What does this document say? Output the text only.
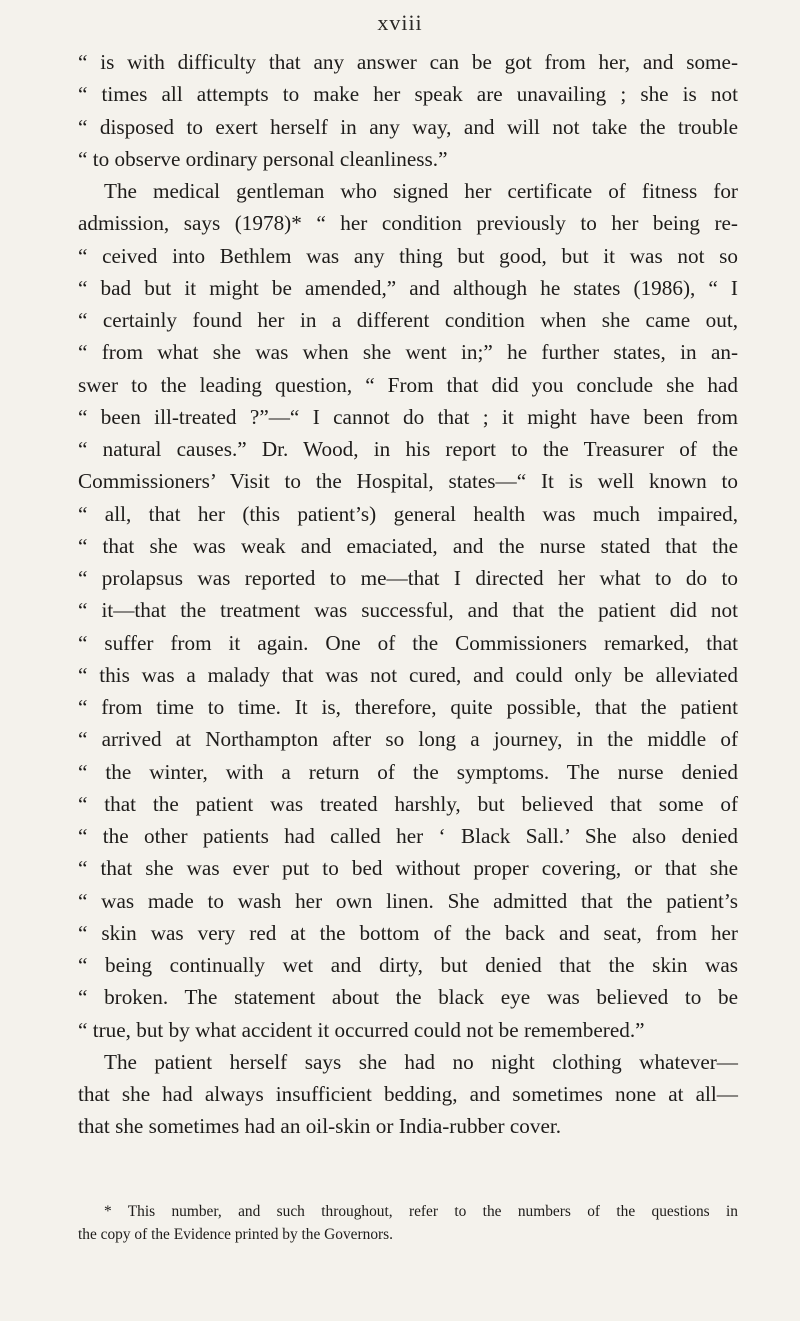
xviii
“ is with difficulty that any answer can be got from her, and some-
“ times all attempts to make her speak are unavailing ; she is not
“ disposed to exert herself in any way, and will not take the trouble
“ to observe ordinary personal cleanliness.”
The medical gentleman who signed her certificate of fitness for
admission, says (1978)* “ her condition previously to her being re-
“ ceived into Bethlem was any thing but good, but it was not so
“ bad but it might be amended,” and although he states (1986), “ I
“ certainly found her in a different condition when she came out,
“ from what she was when she went in;” he further states, in an-
swer to the leading question, “ From that did you conclude she had
“ been ill-treated ?”—“ I cannot do that ; it might have been from
“ natural causes.” Dr. Wood, in his report to the Treasurer of the
Commissioners’ Visit to the Hospital, states—“ It is well known to
“ all, that her (this patient’s) general health was much impaired,
“ that she was weak and emaciated, and the nurse stated that the
“ prolapsus was reported to me—that I directed her what to do to
“ it—that the treatment was successful, and that the patient did not
“ suffer from it again. One of the Commissioners remarked, that
“ this was a malady that was not cured, and could only be alleviated
“ from time to time. It is, therefore, quite possible, that the patient
“ arrived at Northampton after so long a journey, in the middle of
“ the winter, with a return of the symptoms. The nurse denied
“ that the patient was treated harshly, but believed that some of
“ the other patients had called her ‘ Black Sall.’ She also denied
“ that she was ever put to bed without proper covering, or that she
“ was made to wash her own linen. She admitted that the patient’s
“ skin was very red at the bottom of the back and seat, from her
“ being continually wet and dirty, but denied that the skin was
“ broken. The statement about the black eye was believed to be
“ true, but by what accident it occurred could not be remembered.”
The patient herself says she had no night clothing whatever—
that she had always insufficient bedding, and sometimes none at all—
that she sometimes had an oil-skin or India-rubber cover.
* This number, and such throughout, refer to the numbers of the questions in
the copy of the Evidence printed by the Governors.
